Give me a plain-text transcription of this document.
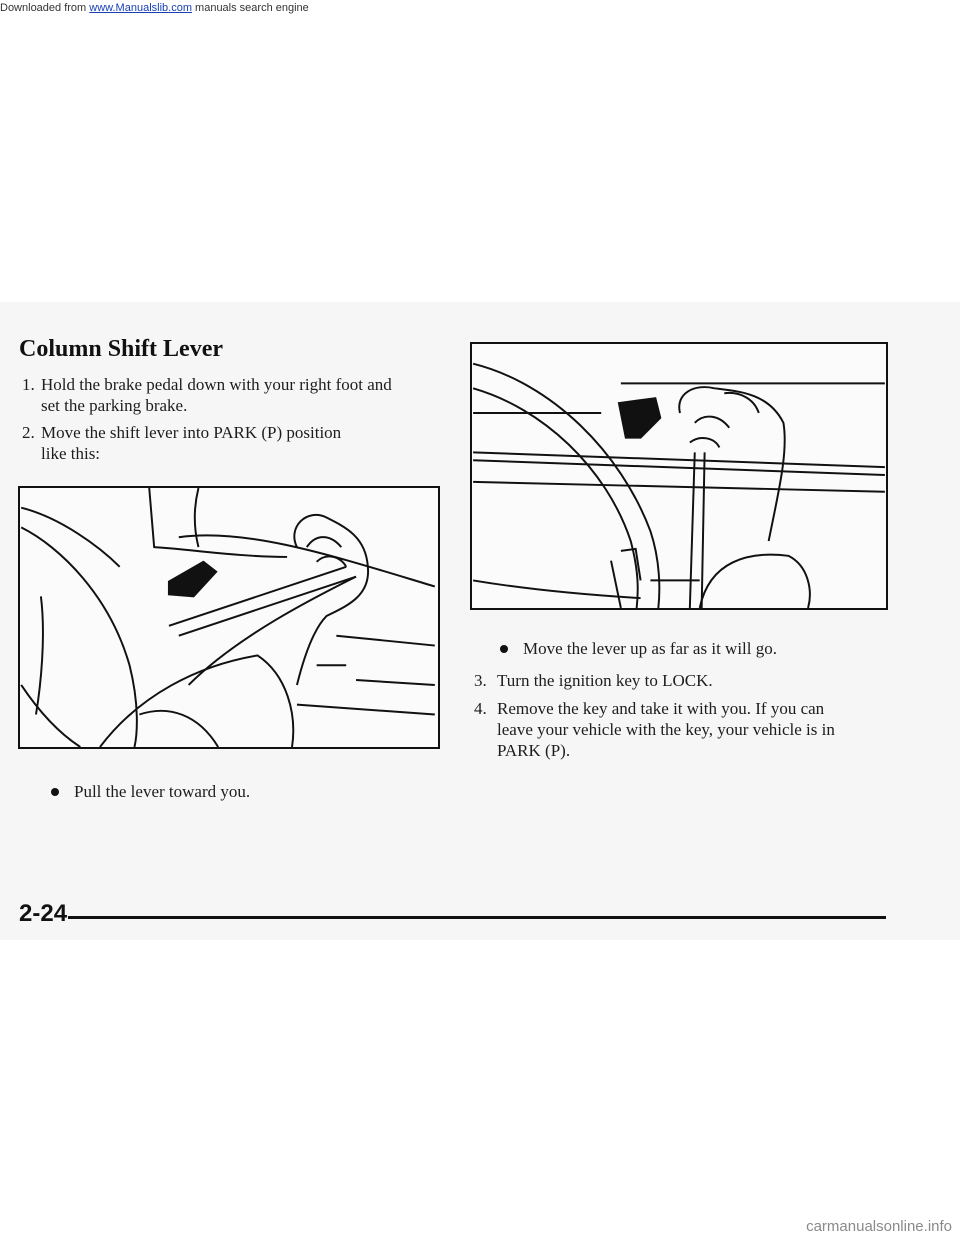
Downloaded from www.Manualslib.com manuals search engine
Column Shift Lever
1. Hold the brake pedal down with your right foot and
set the parking brake.
2. Move the shift lever into PARK (P) position
like this:
Pull the lever toward you.
Move the lever up as far as it will go.
3. Turn the ignition key to LOCK.
4. Remove the key and take it with you. If you can
leave your vehicle with the key, your vehicle is in
PARK (P).
2-24
carmanualsonline.info
